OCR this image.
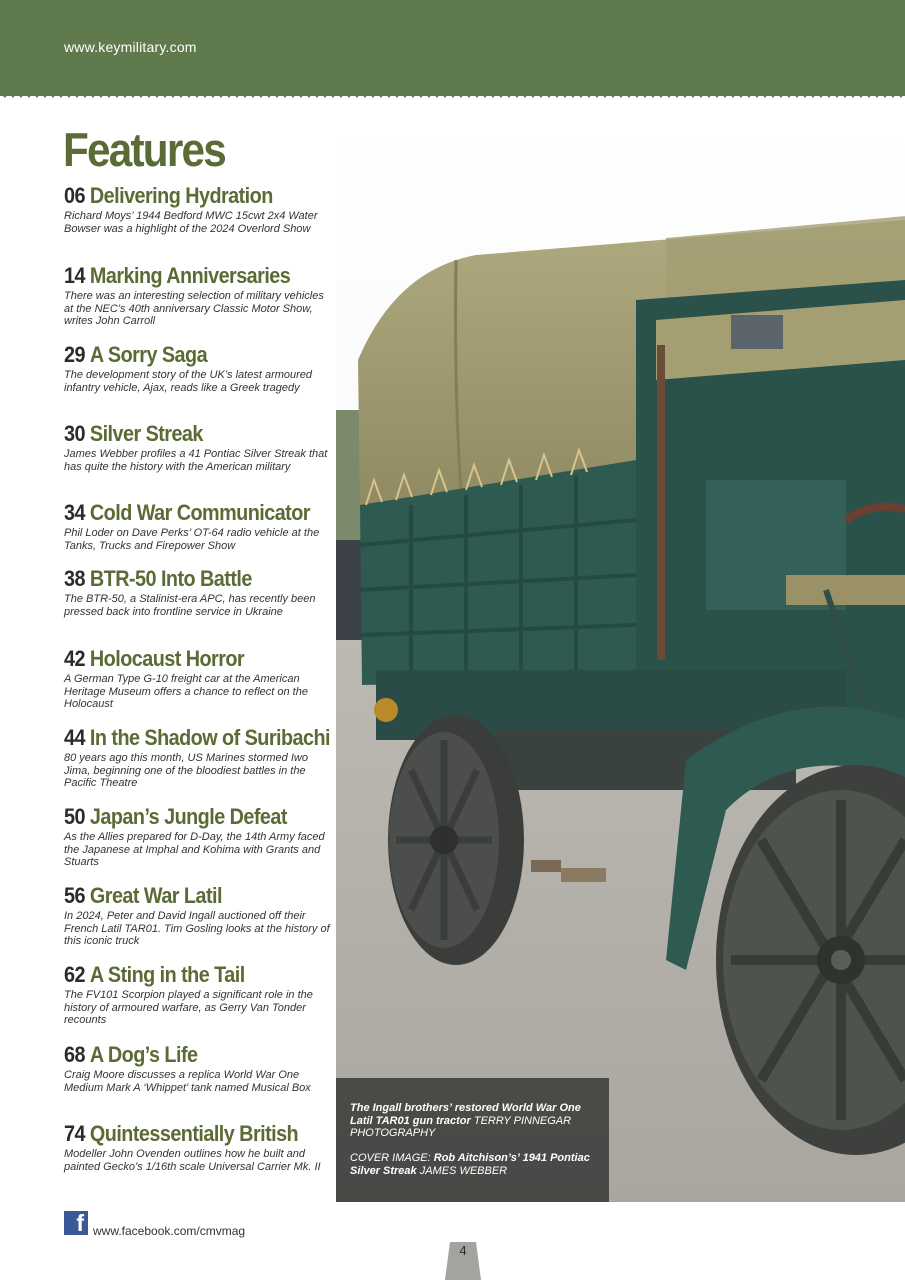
www.keymilitary.com
Features
06 Delivering Hydration
Richard Moys’ 1944 Bedford MWC 15cwt 2x4 Water Bowser was a highlight of the 2024 Overlord Show
14 Marking Anniversaries
There was an interesting selection of military vehicles at the NEC’s 40th anniversary Classic Motor Show, writes John Carroll
29 A Sorry Saga
The development story of the UK’s latest armoured infantry vehicle, Ajax, reads like a Greek tragedy
30 Silver Streak
James Webber profiles a 41 Pontiac Silver Streak that has quite the history with the American military
34 Cold War Communicator
Phil Loder on Dave Perks’ OT-64 radio vehicle at the Tanks, Trucks and Firepower Show
38 BTR-50 Into Battle
The BTR-50, a Stalinist-era APC, has recently been pressed back into frontline service in Ukraine
42 Holocaust Horror
A German Type G-10 freight car at the American Heritage Museum offers a chance to reflect on the Holocaust
44 In the Shadow of Suribachi
80 years ago this month, US Marines stormed Iwo Jima, beginning one of the bloodiest battles in the Pacific Theatre
50 Japan’s Jungle Defeat
As the Allies prepared for D-Day, the 14th Army faced the Japanese at Imphal and Kohima with Grants and Stuarts
56 Great War Latil
In 2024, Peter and David Ingall auctioned off their French Latil TAR01. Tim Gosling looks at the history of this iconic truck
62 A Sting in the Tail
The FV101 Scorpion played a significant role in the history of armoured warfare, as Gerry Van Tonder recounts
68 A Dog’s Life
Craig Moore discusses a replica World War One Medium Mark A ‘Whippet’ tank named Musical Box
74 Quintessentially British
Modeller John Ovenden outlines how he built and painted Gecko’s 1/16th scale Universal Carrier Mk. II
The Ingall brothers’ restored World War One Latil TAR01 gun tractor TERRY PINNEGAR PHOTOGRAPHY
COVER IMAGE: Rob Aitchison’s’ 1941 Pontiac Silver Streak JAMES WEBBER
f www.facebook.com/cmvmag
4
